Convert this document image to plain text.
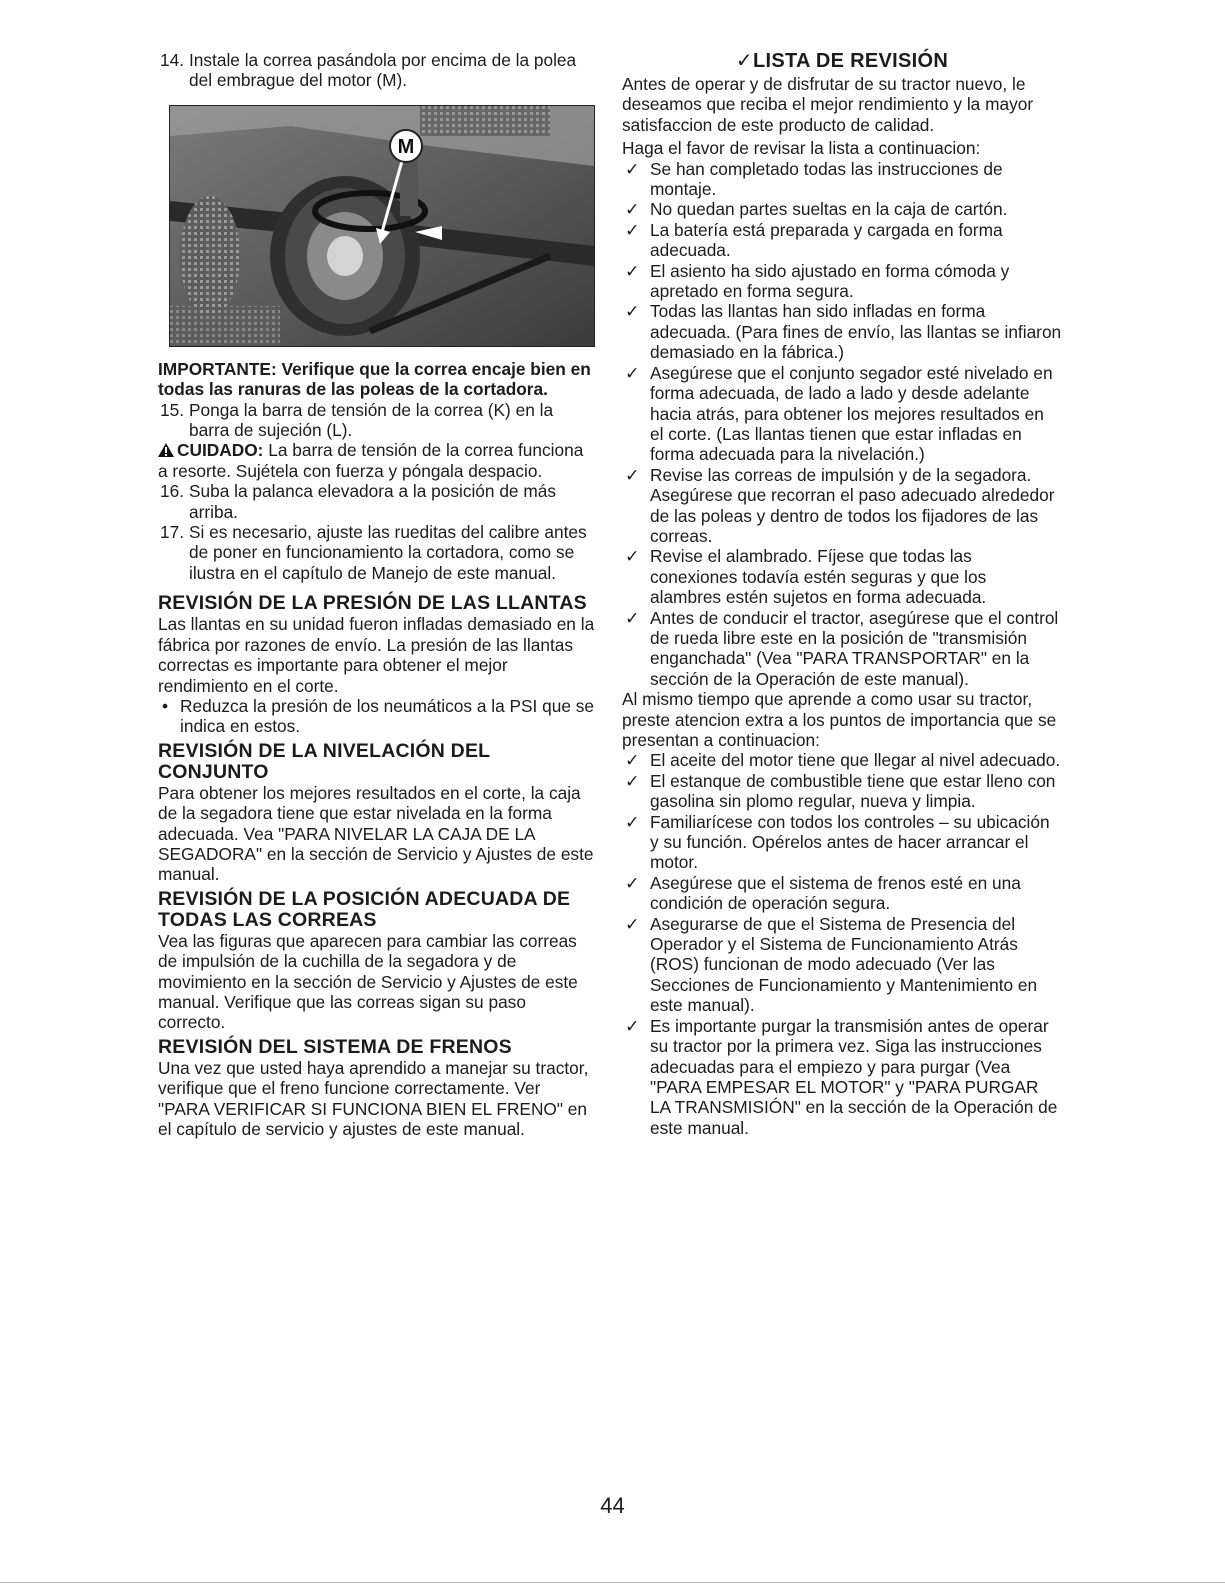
14. Instale la correa pasándola por encima de la polea del embrague del motor (M).

M

IMPORTANTE: Verifique que la correa encaje bien en todas las ranuras de las poleas de la cortadora.

15. Ponga la barra de tensión de la correa (K) en la barra de sujeción (L).

CUIDADO: La barra de tensión de la correa funciona a resorte. Sujétela con fuerza y póngala despacio.

16. Suba la palanca elevadora a la posición de más arriba.

17. Si es necesario, ajuste las rueditas del calibre antes de poner en funcionamiento la cortadora, como se ilustra en el capítulo de Manejo de este manual.

REVISIÓN DE LA PRESIÓN DE LAS LLANTAS

Las llantas en su unidad fueron infladas demasiado en la fábrica por razones de envío. La presión de las llantas correctas es importante para obtener el mejor rendimiento en el corte.

• Reduzca la presión de los neumáticos a la PSI que se indica en estos.

REVISIÓN DE LA NIVELACIÓN DEL CONJUNTO

Para obtener los mejores resultados en el corte, la caja de la segadora tiene que estar nivelada en la forma adecuada. Vea "PARA NIVELAR LA CAJA DE LA SEGADORA" en la sección de Servicio y Ajustes de este manual.

REVISIÓN DE LA POSICIÓN ADECUADA DE TODAS LAS CORREAS

Vea las figuras que aparecen para cambiar las correas de impulsión de la cuchilla de la segadora y de movimiento en la sección de Servicio y Ajustes de este manual. Verifique que las correas sigan su paso correcto.

REVISIÓN DEL SISTEMA DE FRENOS

Una vez que usted haya aprendido a manejar su tractor, verifique que el freno funcione correctamente. Ver "PARA VERIFICAR SI FUNCIONA BIEN EL FRENO" en el capítulo de servicio y ajustes de este manual.

✓LISTA DE REVISIÓN

Antes de operar y de disfrutar de su tractor nuevo, le deseamos que reciba el mejor rendimiento y la mayor satisfaccion de este producto de calidad.

Haga el favor de revisar la lista a continuacion:

✓ Se han completado todas las instrucciones de montaje.

✓ No quedan partes sueltas en la caja de cartón.

✓ La batería está preparada y cargada en forma adecuada.

✓ El asiento ha sido ajustado en forma cómoda y apretado en forma segura.

✓ Todas las llantas han sido infladas en forma adecuada. (Para fines de envío, las llantas se infiaron demasiado en la fábrica.)

✓ Asegúrese que el conjunto segador esté nivelado en forma adecuada, de lado a lado y desde adelante hacia atrás, para obtener los mejores resultados en el corte. (Las llantas tienen que estar infladas en forma adecuada para la nivelación.)

✓ Revise las correas de impulsión y de la segadora. Asegúrese que recorran el paso adecuado alrededor de las poleas y dentro de todos los fijadores de las correas.

✓ Revise el alambrado. Fíjese que todas las conexiones todavía estén seguras y que los alambres estén sujetos en forma adecuada.

✓ Antes de conducir el tractor, asegúrese que el control de rueda libre este en la posición de "transmisión enganchada" (Vea "PARA TRANSPORTAR" en la sección de la Operación de este manual).

Al mismo tiempo que aprende a como usar su tractor, preste atencion extra a los puntos de importancia que se presentan a continuacion:

✓ El aceite del motor tiene que llegar al nivel adecuado.

✓ El estanque de combustible tiene que estar lleno con gasolina sin plomo regular, nueva y limpia.

✓ Familiarícese con todos los controles – su ubicación y su función. Opérelos antes de hacer arrancar el motor.

✓ Asegúrese que el sistema de frenos esté en una condición de operación segura.

✓ Asegurarse de que el Sistema de Presencia del Operador y el Sistema de Funcionamiento Atrás (ROS) funcionan de modo adecuado (Ver las Secciones de Funcionamiento y Mantenimiento en este manual).

✓ Es importante purgar la transmisión antes de operar su tractor por la primera vez. Siga las instrucciones adecuadas para el empiezo y para purgar (Vea "PARA EMPESAR EL MOTOR" y "PARA PURGAR LA TRANSMISIÓN" en la sección de la Operación de este manual.

44
